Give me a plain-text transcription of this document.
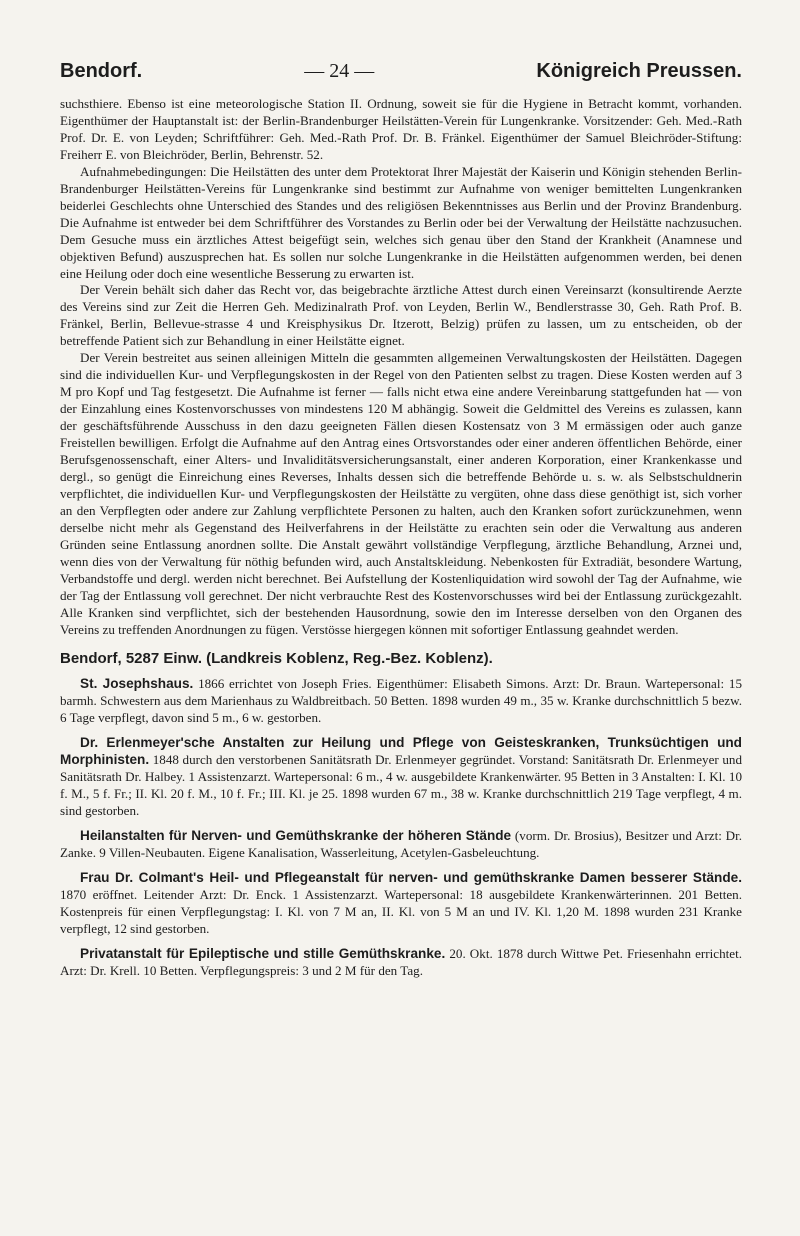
Bendorf.	— 24 —	Königreich Preussen.

suchsthiere. Ebenso ist eine meteorologische Station II. Ordnung, soweit sie für die Hygiene in Betracht kommt, vorhanden. Eigenthümer der Hauptanstalt ist: der Berlin-Brandenburger Heilstätten-Verein für Lungenkranke. Vorsitzender: Geh. Med.-Rath Prof. Dr. E. von Leyden; Schriftführer: Geh. Med.-Rath Prof. Dr. B. Fränkel. Eigenthümer der Samuel Bleichröder-Stiftung: Freiherr E. von Bleichröder, Berlin, Behrenstr. 52.

Aufnahmebedingungen: Die Heilstätten des unter dem Protektorat Ihrer Majestät der Kaiserin und Königin stehenden Berlin-Brandenburger Heilstätten-Vereins für Lungenkranke sind bestimmt zur Aufnahme von weniger bemittelten Lungenkranken beiderlei Geschlechts ohne Unterschied des Standes und des religiösen Bekenntnisses aus Berlin und der Provinz Brandenburg. Die Aufnahme ist entweder bei dem Schriftführer des Vorstandes zu Berlin oder bei der Verwaltung der Heilstätte nachzusuchen. Dem Gesuche muss ein ärztliches Attest beigefügt sein, welches sich genau über den Stand der Krankheit (Anamnese und objektiven Befund) auszusprechen hat. Es sollen nur solche Lungenkranke in die Heilstätten aufgenommen werden, bei denen eine Heilung oder doch eine wesentliche Besserung zu erwarten ist.

Der Verein behält sich daher das Recht vor, das beigebrachte ärztliche Attest durch einen Vereinsarzt (konsultirende Aerzte des Vereins sind zur Zeit die Herren Geh. Medizinalrath Prof. von Leyden, Berlin W., Bendlerstrasse 30, Geh. Rath Prof. B. Fränkel, Berlin, Bellevue-strasse 4 und Kreisphysikus Dr. Itzerott, Belzig) prüfen zu lassen, um zu entscheiden, ob der betreffende Patient sich zur Behandlung in einer Heilstätte eignet.

Der Verein bestreitet aus seinen alleinigen Mitteln die gesammten allgemeinen Verwaltungskosten der Heilstätten. Dagegen sind die individuellen Kur- und Verpflegungskosten in der Regel von den Patienten selbst zu tragen. Diese Kosten werden auf 3 M pro Kopf und Tag festgesetzt. Die Aufnahme ist ferner — falls nicht etwa eine andere Vereinbarung stattgefunden hat — von der Einzahlung eines Kostenvorschusses von mindestens 120 M abhängig. Soweit die Geldmittel des Vereins es zulassen, kann der geschäftsführende Ausschuss in den dazu geeigneten Fällen diesen Kostensatz von 3 M ermässigen oder auch ganze Freistellen bewilligen. Erfolgt die Aufnahme auf den Antrag eines Ortsvorstandes oder einer anderen öffentlichen Behörde, einer Berufsgenossenschaft, einer Alters- und Invaliditätsversicherungsanstalt, einer anderen Korporation, einer Krankenkasse und dergl., so genügt die Einreichung eines Reverses, Inhalts dessen sich die betreffende Behörde u. s. w. als Selbstschuldnerin verpflichtet, die individuellen Kur- und Verpflegungskosten der Heilstätte zu vergüten, ohne dass diese genöthigt ist, sich vorher an den Verpflegten oder andere zur Zahlung verpflichtete Personen zu halten, auch den Kranken sofort zurückzunehmen, wenn derselbe nicht mehr als Gegenstand des Heilverfahrens in der Heilstätte zu erachten sein oder die Verwaltung aus anderen Gründen seine Entlassung anordnen sollte. Die Anstalt gewährt vollständige Verpflegung, ärztliche Behandlung, Arznei und, wenn dies von der Verwaltung für nöthig befunden wird, auch Anstaltskleidung. Nebenkosten für Extradiät, besondere Wartung, Verbandstoffe und dergl. werden nicht berechnet. Bei Aufstellung der Kostenliquidation wird sowohl der Tag der Aufnahme, wie der Tag der Entlassung voll gerechnet. Der nicht verbrauchte Rest des Kostenvorschusses wird bei der Entlassung zurückgezahlt. Alle Kranken sind verpflichtet, sich der bestehenden Hausordnung, sowie den im Interesse derselben von den Organen des Vereins zu treffenden Anordnungen zu fügen. Verstösse hiergegen können mit sofortiger Entlassung geahndet werden.

Bendorf, 5287 Einw. (Landkreis Koblenz, Reg.-Bez. Koblenz).

St. Josephshaus. 1866 errichtet von Joseph Fries. Eigenthümer: Elisabeth Simons. Arzt: Dr. Braun. Wartepersonal: 15 barmh. Schwestern aus dem Marienhaus zu Waldbreitbach. 50 Betten. 1898 wurden 49 m., 35 w. Kranke durchschnittlich 5 bezw. 6 Tage verpflegt, davon sind 5 m., 6 w. gestorben.

Dr. Erlenmeyer'sche Anstalten zur Heilung und Pflege von Geisteskranken, Trunksüchtigen und Morphinisten. 1848 durch den verstorbenen Sanitätsrath Dr. Erlenmeyer gegründet. Vorstand: Sanitätsrath Dr. Erlenmeyer und Sanitätsrath Dr. Halbey. 1 Assistenzarzt. Wartepersonal: 6 m., 4 w. ausgebildete Krankenwärter. 95 Betten in 3 Anstalten: I. Kl. 10 f. M., 5 f. Fr.; II. Kl. 20 f. M., 10 f. Fr.; III. Kl. je 25. 1898 wurden 67 m., 38 w. Kranke durchschnittlich 219 Tage verpflegt, 4 m. sind gestorben.

Heilanstalten für Nerven- und Gemüthskranke der höheren Stände (vorm. Dr. Brosius), Besitzer und Arzt: Dr. Zanke. 9 Villen-Neubauten. Eigene Kanalisation, Wasserleitung, Acetylen-Gasbeleuchtung.

Frau Dr. Colmant's Heil- und Pflegeanstalt für nerven- und gemüthskranke Damen besserer Stände. 1870 eröffnet. Leitender Arzt: Dr. Enck. 1 Assistenzarzt. Wartepersonal: 18 ausgebildete Krankenwärterinnen. 201 Betten. Kostenpreis für einen Verpflegungstag: I. Kl. von 7 M an, II. Kl. von 5 M an und IV. Kl. 1,20 M. 1898 wurden 231 Kranke verpflegt, 12 sind gestorben.

Privatanstalt für Epileptische und stille Gemüthskranke. 20. Okt. 1878 durch Wittwe Pet. Friesenhahn errichtet. Arzt: Dr. Krell. 10 Betten. Verpflegungspreis: 3 und 2 M für den Tag.
